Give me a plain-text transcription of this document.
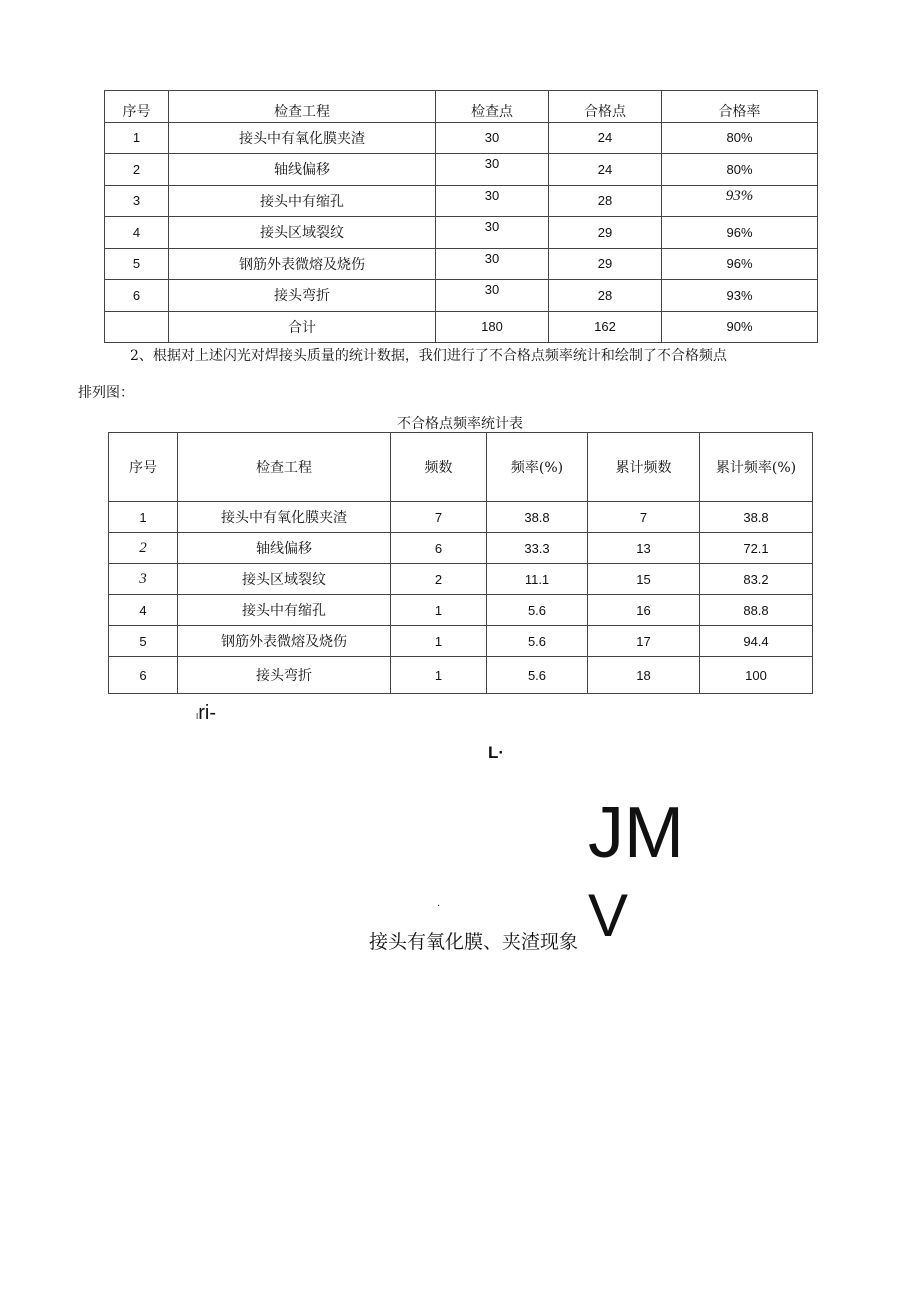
序号	检查工程	检查点	合格点	合格率
1	接头中有氧化膜夹渣	30	24	80%
2	轴线偏移	30	24	80%
3	接头中有缩孔	30	28	93%
4	接头区域裂纹	30	29	96%
5	钢筋外表微熔及烧伤	30	29	96%
6	接头弯折	30	28	93%
	合计	180	162	90%
2、根据对上述闪光对焊接头质量的统计数据，我们进行了不合格点频率统计和绘制了不合格频点
排列图：
不合格点频率统计表
序号	检查工程	频数	频率(%)	累计频数	累计频率(%)
1	接头中有氧化膜夹渣	7	38.8	7	38.8
2	轴线偏移	6	33.3	13	72.1
3	接头区域裂纹	2	11.1	15	83.2
4	接头中有缩孔	1	5.6	16	88.8
5	钢筋外表微熔及烧伤	1	5.6	17	94.4
6	接头弯折	1	5.6	18	100
Iri-
L·
JM
V
.
接头有氧化膜、夹渣现象
